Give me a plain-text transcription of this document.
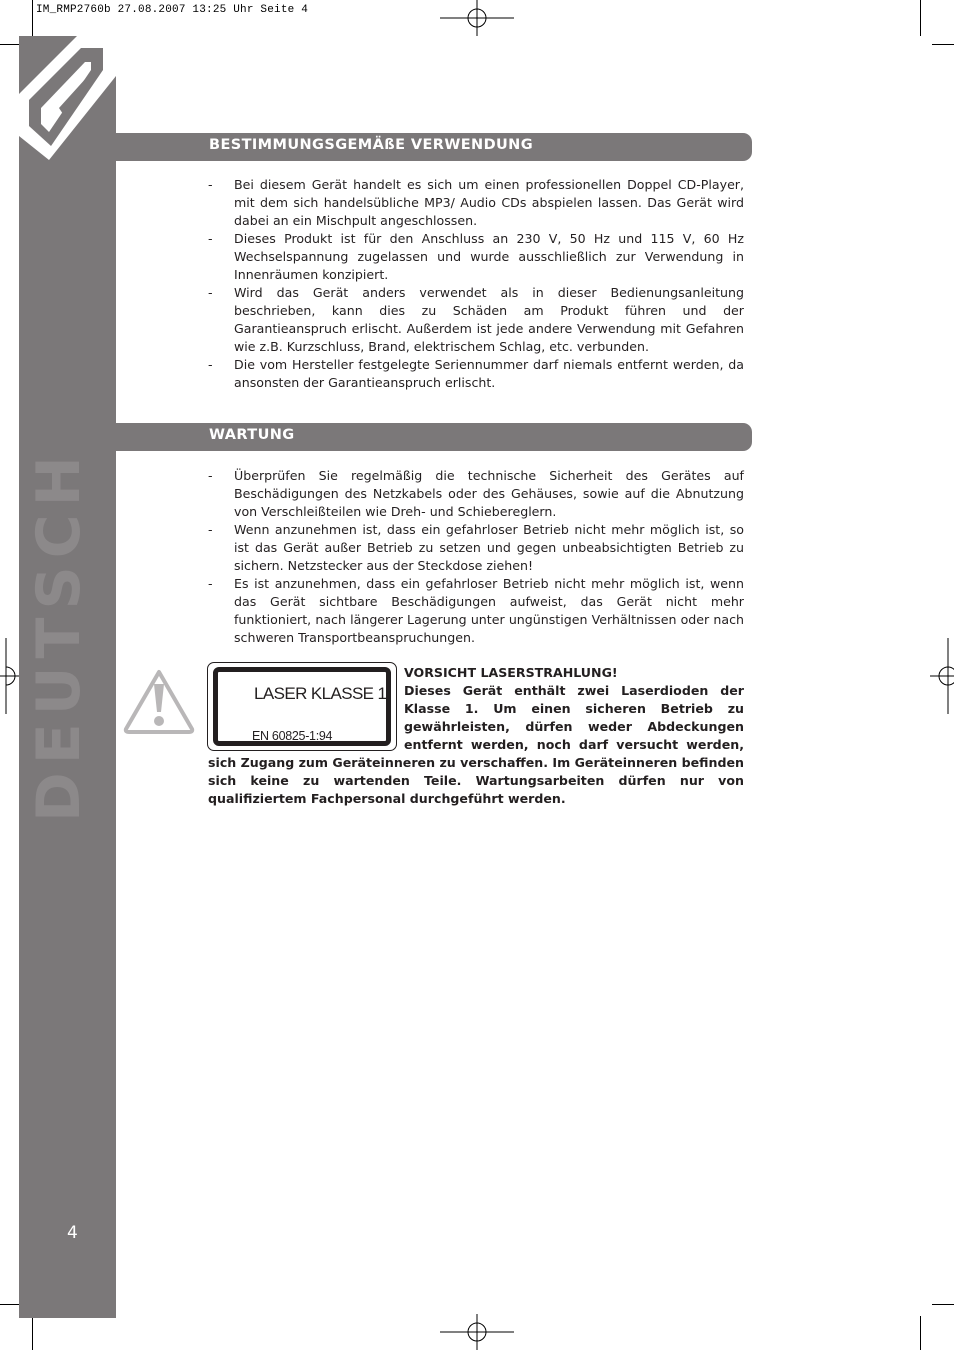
IM_RMP2760b 27.08.2007 13:25 Uhr Seite 4
DEUTSCH
4
BESTIMMUNGSGEMÄßE VERWENDUNG
- Bei diesem Gerät handelt es sich um einen professionellen Doppel CD-Player, mit dem sich handelsübliche MP3/ Audio CDs abspielen lassen. Das Gerät wird dabei an ein Mischpult angeschlossen.
- Dieses Produkt ist für den Anschluss an 230 V, 50 Hz und 115 V, 60 Hz Wechselspannung zugelassen und wurde ausschließlich zur Verwendung in Innenräumen konzipiert.
- Wird das Gerät anders verwendet als in dieser Bedienungsanleitung beschrieben, kann dies zu Schäden am Produkt führen und der Garantieanspruch erlischt. Außerdem ist jede andere Verwendung mit Gefahren wie z.B. Kurzschluss, Brand, elektrischem Schlag, etc. verbunden.
- Die vom Hersteller festgelegte Seriennummer darf niemals entfernt werden, da ansonsten der Garantieanspruch erlischt.
WARTUNG
- Überprüfen Sie regelmäßig die technische Sicherheit des Gerätes auf Beschädigungen des Netzkabels oder des Gehäuses, sowie auf die Abnutzung von Verschleißteilen wie Dreh- und Schiebereglern.
- Wenn anzunehmen ist, dass ein gefahrloser Betrieb nicht mehr möglich ist, so ist das Gerät außer Betrieb zu setzen und gegen unbeabsichtigten Betrieb zu sichern. Netzstecker aus der Steckdose ziehen!
- Es ist anzunehmen, dass ein gefahrloser Betrieb nicht mehr möglich ist, wenn das Gerät sichtbare Beschädigungen aufweist, das Gerät nicht mehr funktioniert, nach längerer Lagerung unter ungünstigen Verhältnissen oder nach schweren Transportbeanspruchungen.
LASER KLASSE 1
EN 60825-1:94

VORSICHT LASERSTRAHLUNG!
Dieses Gerät enthält zwei Laserdioden der Klasse 1. Um einen sicheren Betrieb zu gewährleisten, dürfen weder Abdeckungen entfernt werden, noch darf versucht werden, sich Zugang zum Geräteinneren zu verschaffen. Im Geräteinneren befinden sich keine zu wartenden Teile. Wartungsarbeiten dürfen nur von qualifiziertem Fachpersonal durchgeführt werden.
